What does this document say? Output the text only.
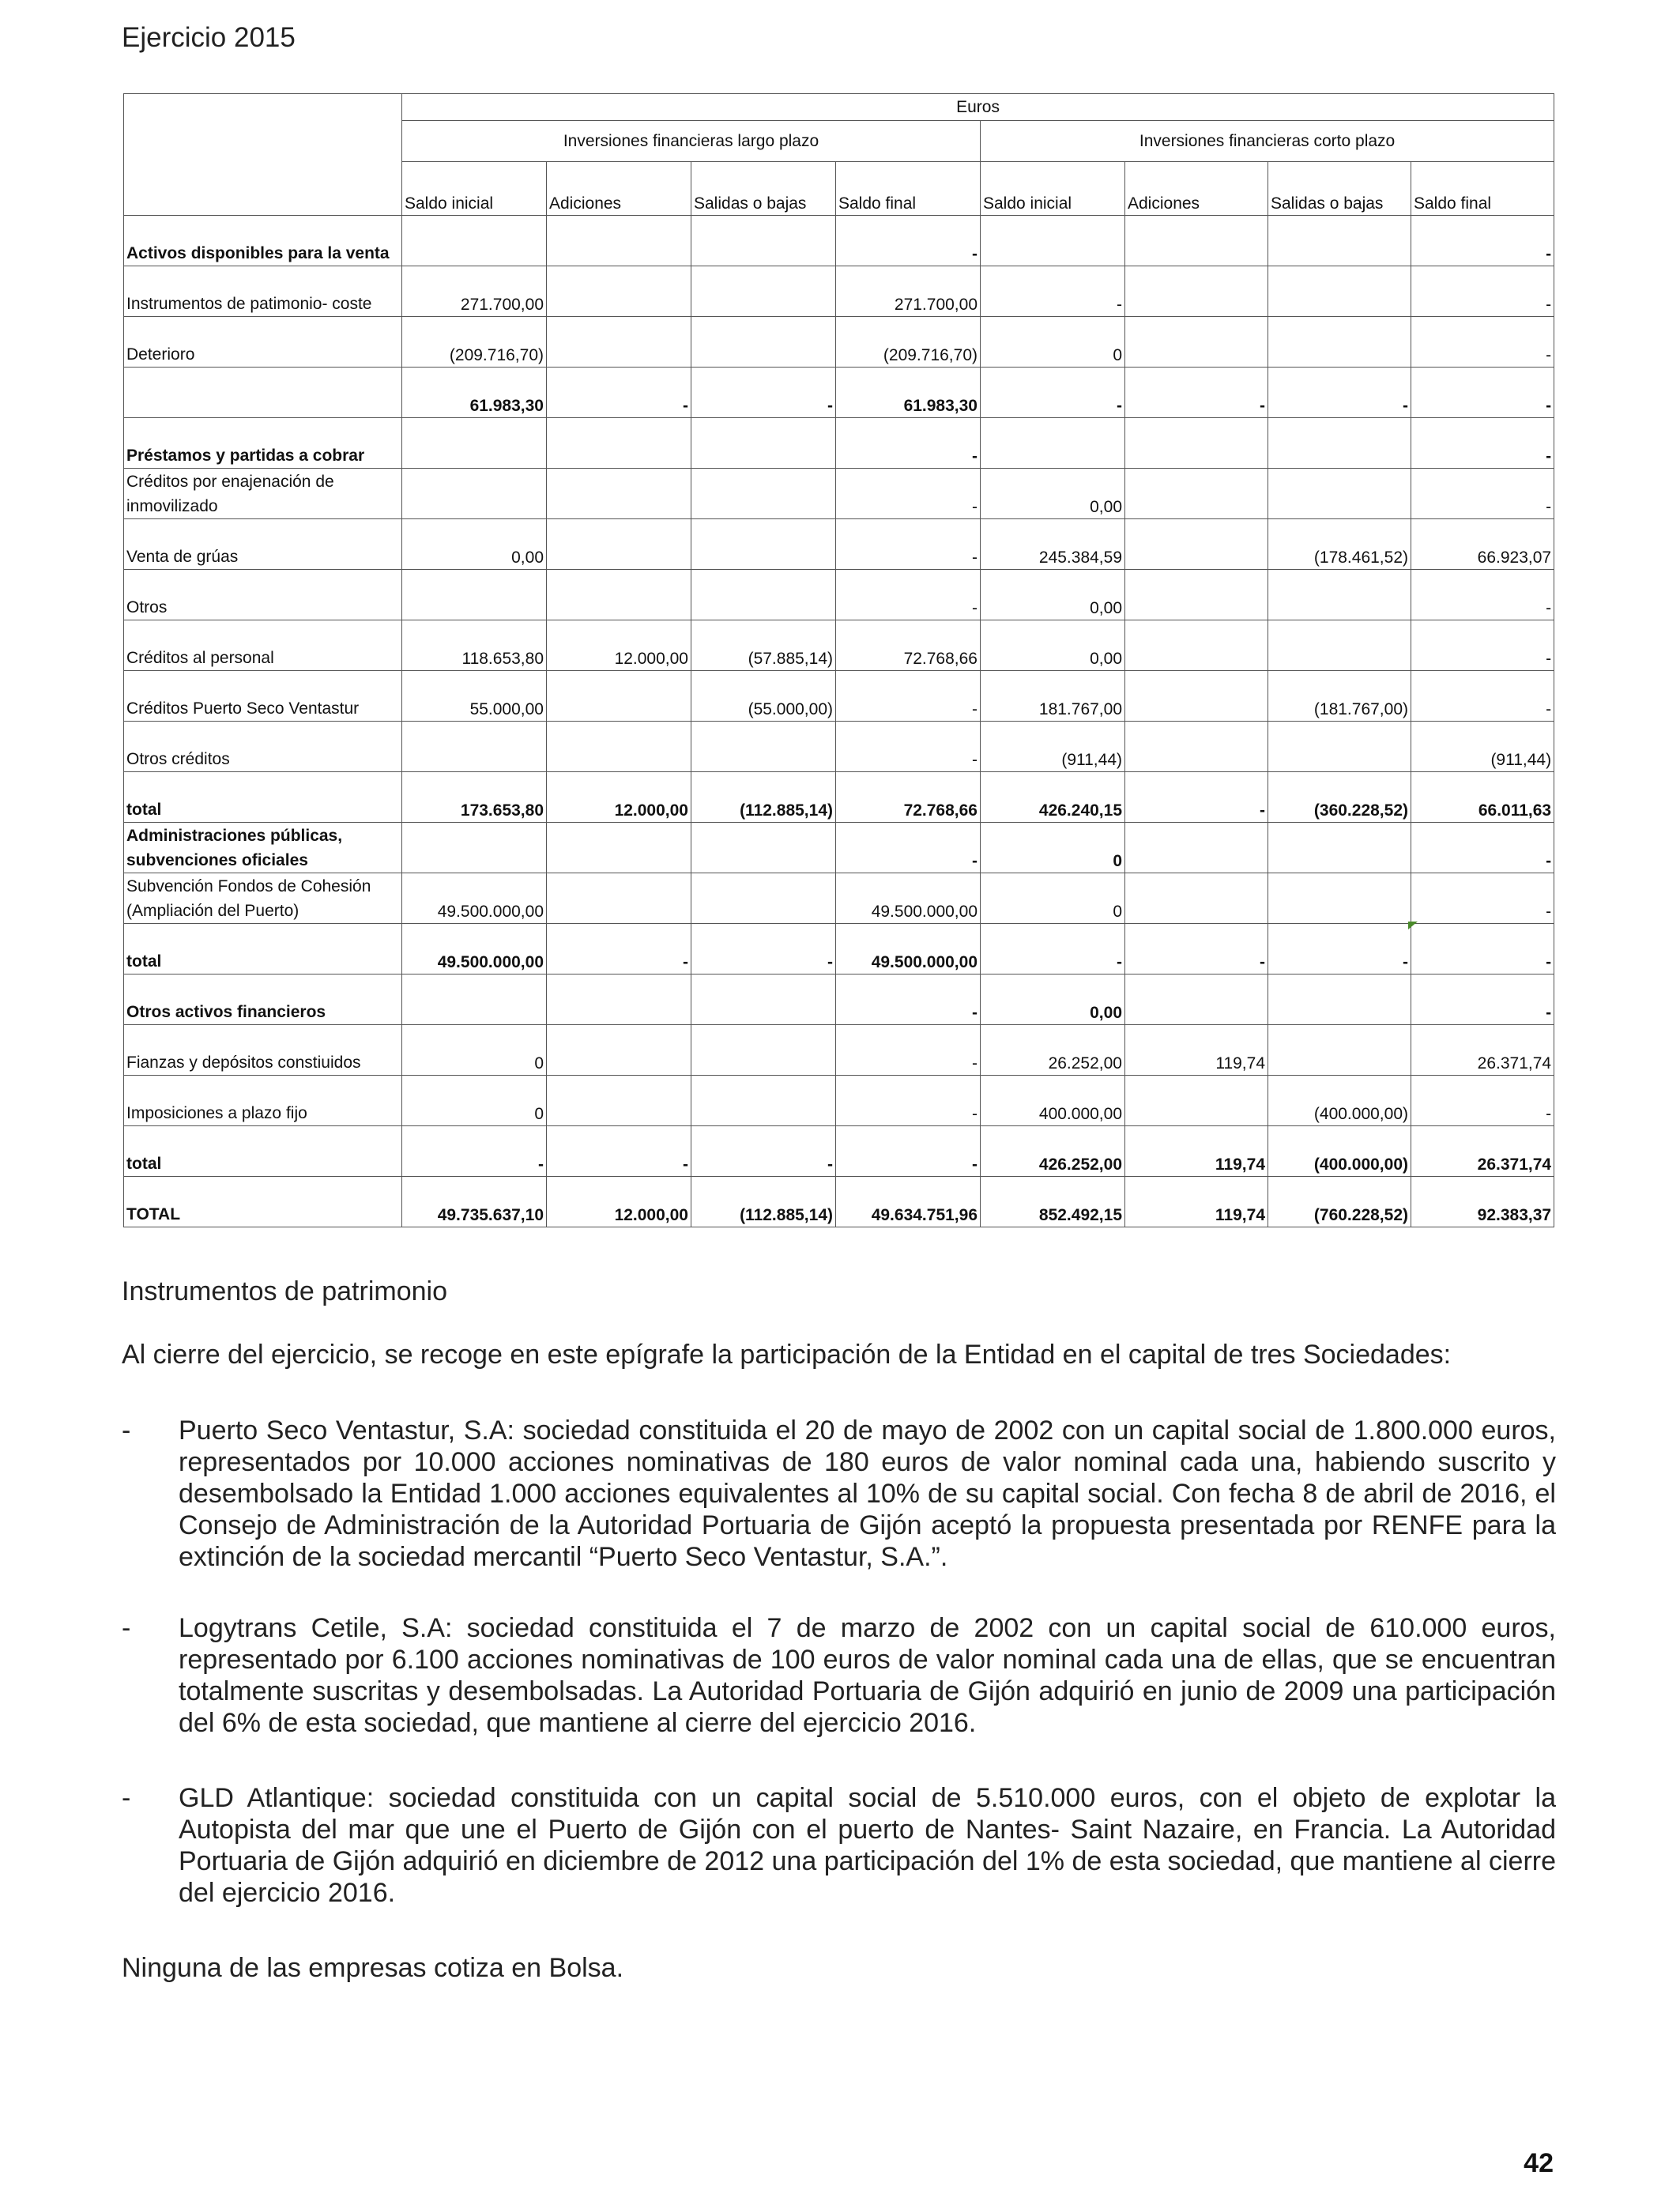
Ejercicio 2015
	Euros							
	Inversiones financieras largo plazo				Inversiones financieras corto plazo			
	Saldo inicial	Adiciones	Salidas o bajas	Saldo final	Saldo inicial	Adiciones	Salidas o bajas	Saldo final
Activos disponibles para la venta				-				-
Instrumentos de patimonio- coste	271.700,00			271.700,00	-			-
Deterioro	(209.716,70)			(209.716,70)	0			-
	61.983,30	-	-	61.983,30	-	-	-	-
Préstamos y partidas a cobrar				-				-
Créditos por enajenación de inmovilizado				-	0,00			-
Venta de grúas	0,00			-	245.384,59		(178.461,52)	66.923,07
Otros				-	0,00			-
Créditos al personal	118.653,80	12.000,00	(57.885,14)	72.768,66	0,00			-
Créditos Puerto Seco Ventastur	55.000,00		(55.000,00)	-	181.767,00		(181.767,00)	-
Otros créditos				-	(911,44)			(911,44)
total	173.653,80	12.000,00	(112.885,14)	72.768,66	426.240,15	-	(360.228,52)	66.011,63
Administraciones públicas, subvenciones oficiales				-	0			-
Subvención Fondos de Cohesión (Ampliación del Puerto)	49.500.000,00			49.500.000,00	0			-
total	49.500.000,00	-	-	49.500.000,00	-	-	-	-
Otros activos financieros				-	0,00			-
Fianzas y depósitos constiuidos	0			-	26.252,00	119,74		26.371,74
Imposiciones a plazo fijo	0			-	400.000,00		(400.000,00)	-
total	-	-	-	-	426.252,00	119,74	(400.000,00)	26.371,74
TOTAL	49.735.637,10	12.000,00	(112.885,14)	49.634.751,96	852.492,15	119,74	(760.228,52)	92.383,37
Instrumentos de patrimonio
Al cierre del ejercicio, se recoge en este epígrafe la participación de la Entidad en el capital de tres Sociedades:
-	Puerto Seco Ventastur, S.A: sociedad constituida el 20 de mayo de 2002 con un capital social de 1.800.000 euros, representados por 10.000 acciones nominativas de 180 euros de valor nominal cada una, habiendo suscrito y desembolsado la Entidad 1.000 acciones equivalentes al 10% de su capital social. Con fecha 8 de abril de 2016, el Consejo de Administración de la Autoridad Portuaria de Gijón aceptó la propuesta presentada por RENFE para la extinción de la sociedad mercantil “Puerto Seco Ventastur, S.A.”.
-	Logytrans Cetile, S.A: sociedad constituida el 7 de marzo de 2002 con un capital social de 610.000 euros, representado por 6.100 acciones nominativas de 100 euros de valor nominal cada una de ellas, que se encuentran totalmente suscritas y desembolsadas. La Autoridad Portuaria de Gijón adquirió en junio de 2009 una participación del 6% de esta sociedad, que mantiene al cierre del ejercicio 2016.
-	GLD Atlantique: sociedad constituida con un capital social de 5.510.000 euros, con el objeto de explotar la Autopista del mar que une el Puerto de Gijón con el puerto de Nantes- Saint Nazaire, en Francia. La Autoridad Portuaria de Gijón adquirió en diciembre de 2012 una participación del 1% de esta sociedad, que mantiene al cierre del ejercicio 2016.
Ninguna de las empresas cotiza en Bolsa.
42
